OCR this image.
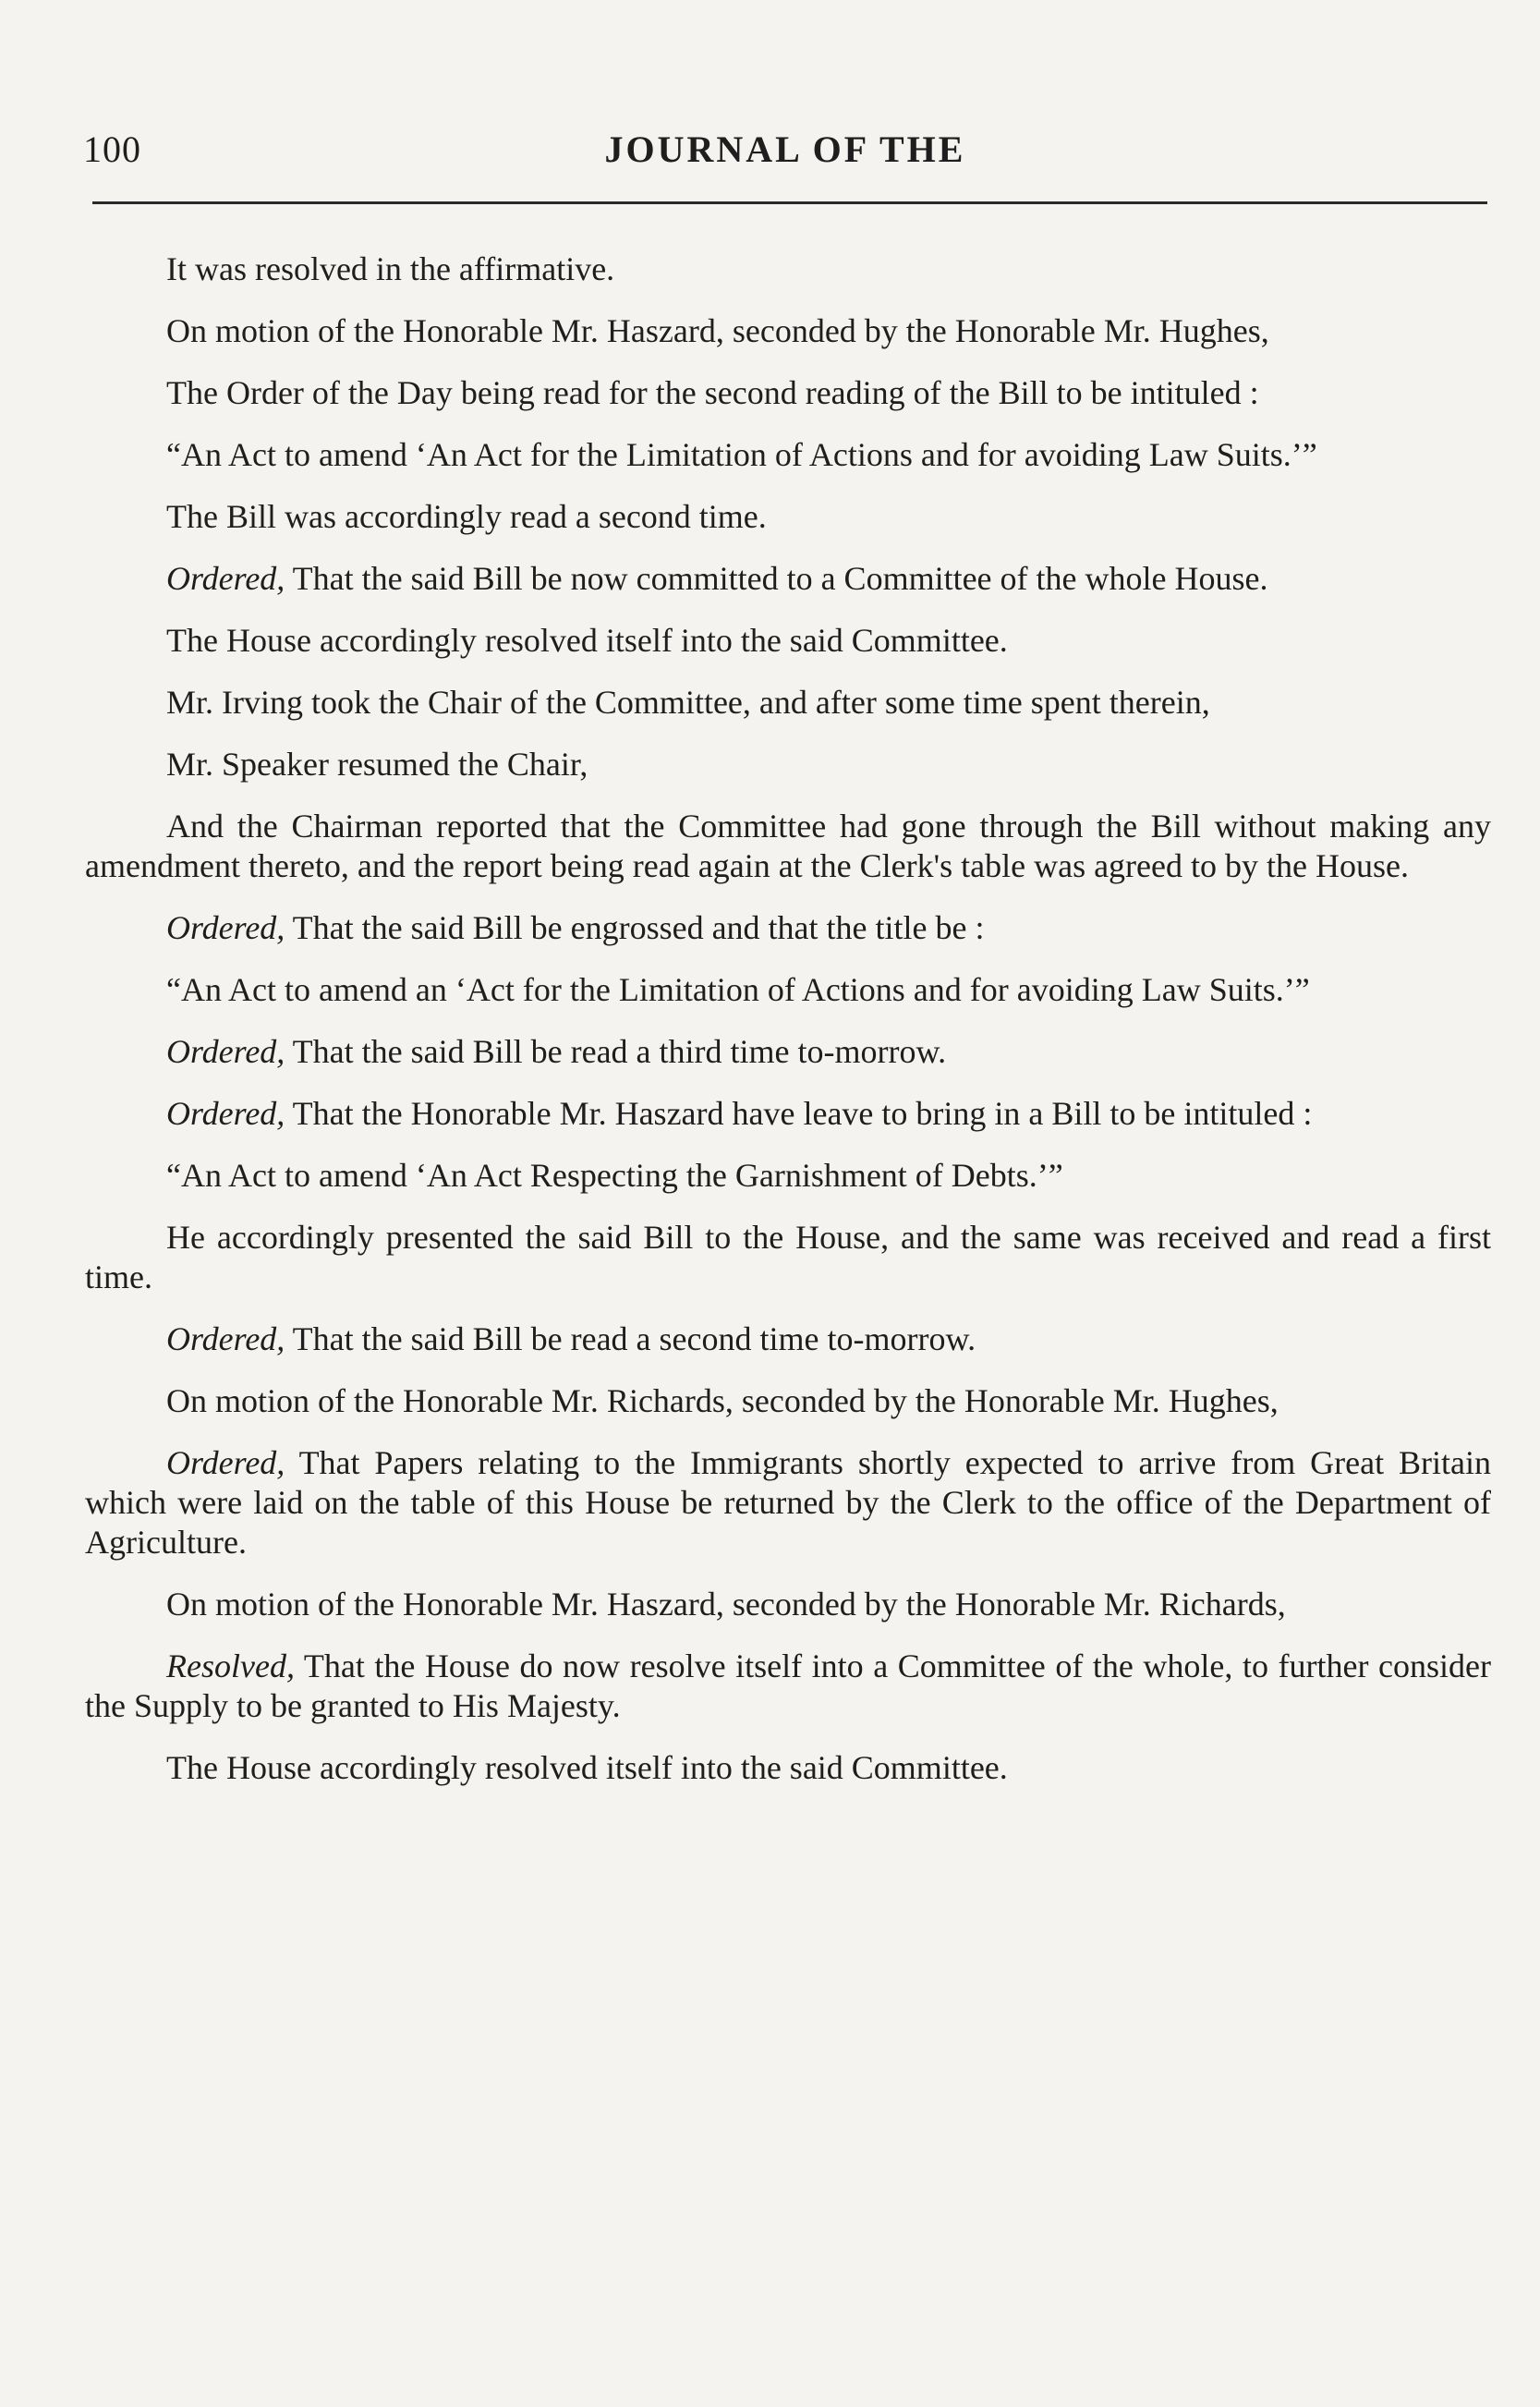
100	JOURNAL OF THE

It was resolved in the affirmative.

On motion of the Honorable Mr. Haszard, seconded by the Honorable Mr. Hughes,

The Order of the Day being read for the second reading of the Bill to be intituled :

“An Act to amend ‘An Act for the Limitation of Actions and for avoiding Law Suits.’”

The Bill was accordingly read a second time.

Ordered, That the said Bill be now committed to a Committee of the whole House.

The House accordingly resolved itself into the said Committee.

Mr. Irving took the Chair of the Committee, and after some time spent therein,

Mr. Speaker resumed the Chair,

And the Chairman reported that the Committee had gone through the Bill without making any amendment thereto, and the report being read again at the Clerk's table was agreed to by the House.

Ordered, That the said Bill be engrossed and that the title be :

“An Act to amend an ‘Act for the Limitation of Actions and for avoiding Law Suits.’”

Ordered, That the said Bill be read a third time to-morrow.

Ordered, That the Honorable Mr. Haszard have leave to bring in a Bill to be intituled :

“An Act to amend ‘An Act Respecting the Garnishment of Debts.’”

He accordingly presented the said Bill to the House, and the same was received and read a first time.

Ordered, That the said Bill be read a second time to-morrow.

On motion of the Honorable Mr. Richards, seconded by the Honorable Mr. Hughes,

Ordered, That Papers relating to the Immigrants shortly expected to arrive from Great Britain which were laid on the table of this House be returned by the Clerk to the office of the Department of Agriculture.

On motion of the Honorable Mr. Haszard, seconded by the Honorable Mr. Richards,

Resolved, That the House do now resolve itself into a Committee of the whole, to further consider the Supply to be granted to His Majesty.

The House accordingly resolved itself into the said Committee.
